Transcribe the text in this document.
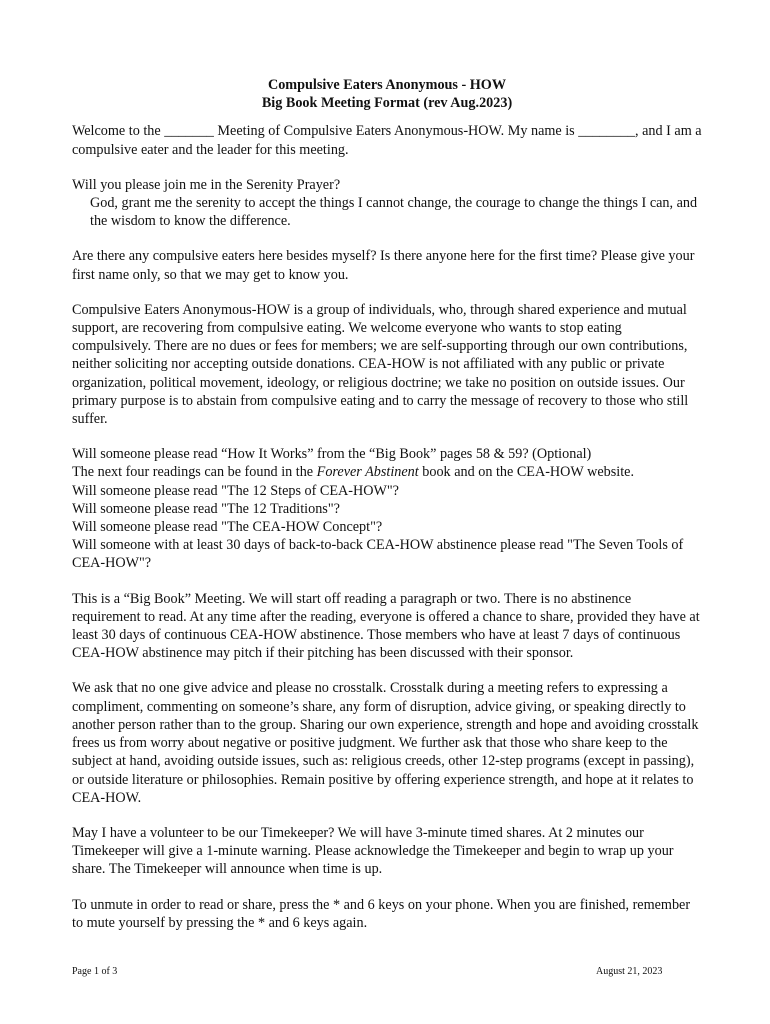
Compulsive Eaters Anonymous - HOW
Big Book Meeting Format (rev Aug.2023)

Welcome to the _______ Meeting of Compulsive Eaters Anonymous-HOW. My name is ________, and I am a compulsive eater and the leader for this meeting.

Will you please join me in the Serenity Prayer?
God, grant me the serenity to accept the things I cannot change, the courage to change the things I can, and the wisdom to know the difference.

Are there any compulsive eaters here besides myself? Is there anyone here for the first time? Please give your first name only, so that we may get to know you.

Compulsive Eaters Anonymous-HOW is a group of individuals, who, through shared experience and mutual support, are recovering from compulsive eating. We welcome everyone who wants to stop eating compulsively. There are no dues or fees for members; we are self-supporting through our own contributions, neither soliciting nor accepting outside donations. CEA-HOW is not affiliated with any public or private organization, political movement, ideology, or religious doctrine; we take no position on outside issues. Our primary purpose is to abstain from compulsive eating and to carry the message of recovery to those who still suffer.

Will someone please read “How It Works” from the “Big Book” pages 58 & 59? (Optional)
The next four readings can be found in the Forever Abstinent book and on the CEA-HOW website.
Will someone please read "The 12 Steps of CEA-HOW"?
Will someone please read "The 12 Traditions"?
Will someone please read "The CEA-HOW Concept"?
Will someone with at least 30 days of back-to-back CEA-HOW abstinence please read "The Seven Tools of CEA-HOW"?

This is a “Big Book” Meeting. We will start off reading a paragraph or two. There is no abstinence requirement to read. At any time after the reading, everyone is offered a chance to share, provided they have at least 30 days of continuous CEA-HOW abstinence. Those members who have at least 7 days of continuous CEA-HOW abstinence may pitch if their pitching has been discussed with their sponsor.

We ask that no one give advice and please no crosstalk. Crosstalk during a meeting refers to expressing a compliment, commenting on someone’s share, any form of disruption, advice giving, or speaking directly to another person rather than to the group. Sharing our own experience, strength and hope and avoiding crosstalk frees us from worry about negative or positive judgment. We further ask that those who share keep to the subject at hand, avoiding outside issues, such as: religious creeds, other 12-step programs (except in passing), or outside literature or philosophies. Remain positive by offering experience strength, and hope at it relates to CEA-HOW.

May I have a volunteer to be our Timekeeper? We will have 3-minute timed shares. At 2 minutes our Timekeeper will give a 1-minute warning. Please acknowledge the Timekeeper and begin to wrap up your share. The Timekeeper will announce when time is up.

To unmute in order to read or share, press the * and 6 keys on your phone. When you are finished, remember to mute yourself by pressing the * and 6 keys again.

Page 1 of 3	August 21, 2023
